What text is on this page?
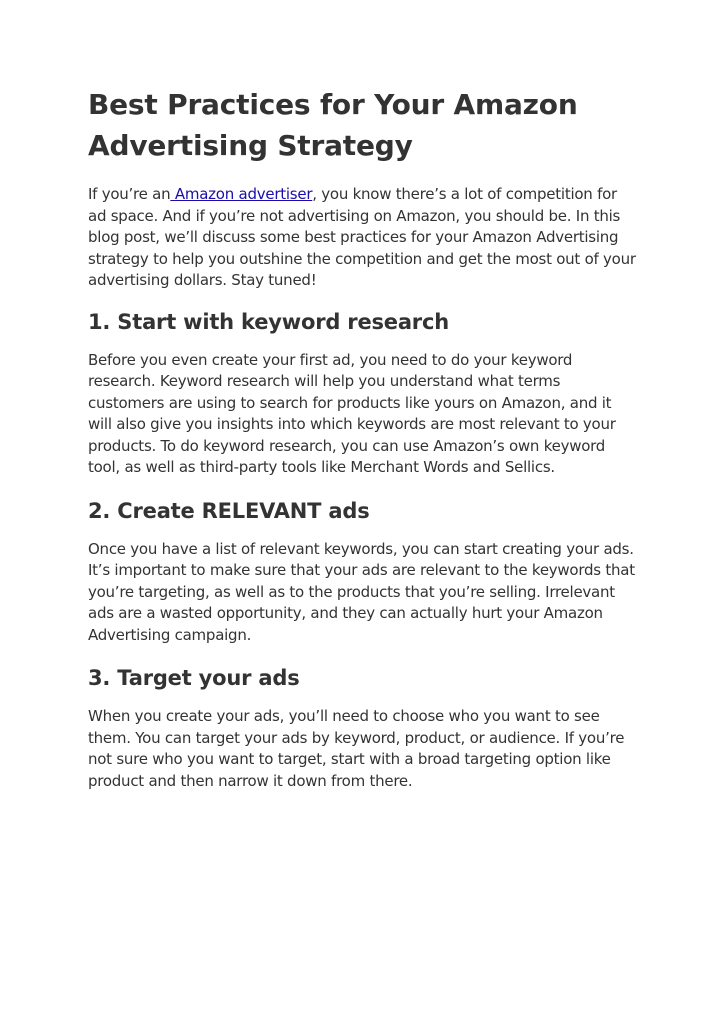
Best Practices for Your Amazon Advertising Strategy

If you’re an Amazon advertiser, you know there’s a lot of competition for ad space. And if you’re not advertising on Amazon, you should be. In this blog post, we’ll discuss some best practices for your Amazon Advertising strategy to help you outshine the competition and get the most out of your advertising dollars. Stay tuned!

1. Start with keyword research

Before you even create your first ad, you need to do your keyword research. Keyword research will help you understand what terms customers are using to search for products like yours on Amazon, and it will also give you insights into which keywords are most relevant to your products. To do keyword research, you can use Amazon’s own keyword tool, as well as third-party tools like Merchant Words and Sellics.

2. Create RELEVANT ads

Once you have a list of relevant keywords, you can start creating your ads. It’s important to make sure that your ads are relevant to the keywords that you’re targeting, as well as to the products that you’re selling. Irrelevant ads are a wasted opportunity, and they can actually hurt your Amazon Advertising campaign.

3. Target your ads

When you create your ads, you’ll need to choose who you want to see them. You can target your ads by keyword, product, or audience. If you’re not sure who you want to target, start with a broad targeting option like product and then narrow it down from there.
